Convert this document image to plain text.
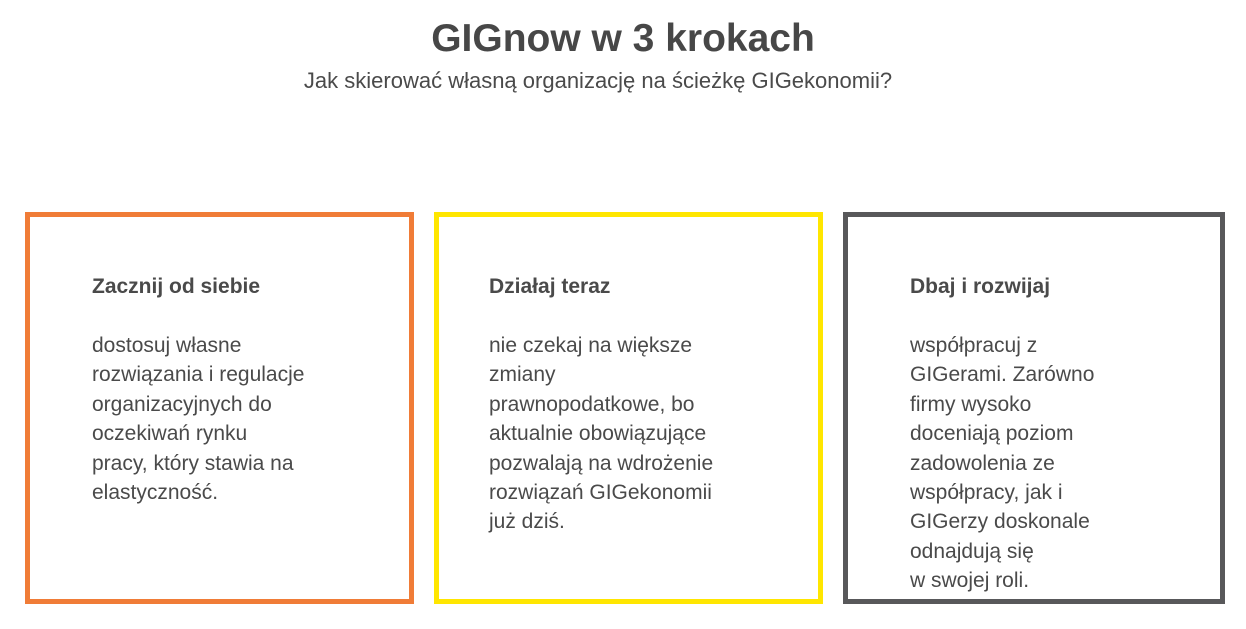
GIGnow w 3 krokach

Jak skierować własną organizację na ścieżkę GIGekonomii?

Zacznij od siebie

dostosuj własne
rozwiązania i regulacje
organizacyjnych do
oczekiwań rynku
pracy, który stawia na
elastyczność.

Działaj teraz

nie czekaj na większe
zmiany
prawnopodatkowe, bo
aktualnie obowiązujące
pozwalają na wdrożenie
rozwiązań GIGekonomii
już dziś.

Dbaj i rozwijaj

współpracuj z
GIGerami. Zarówno
firmy wysoko
doceniają poziom
zadowolenia ze
współpracy, jak i
GIGerzy doskonale
odnajdują się
w swojej roli.
